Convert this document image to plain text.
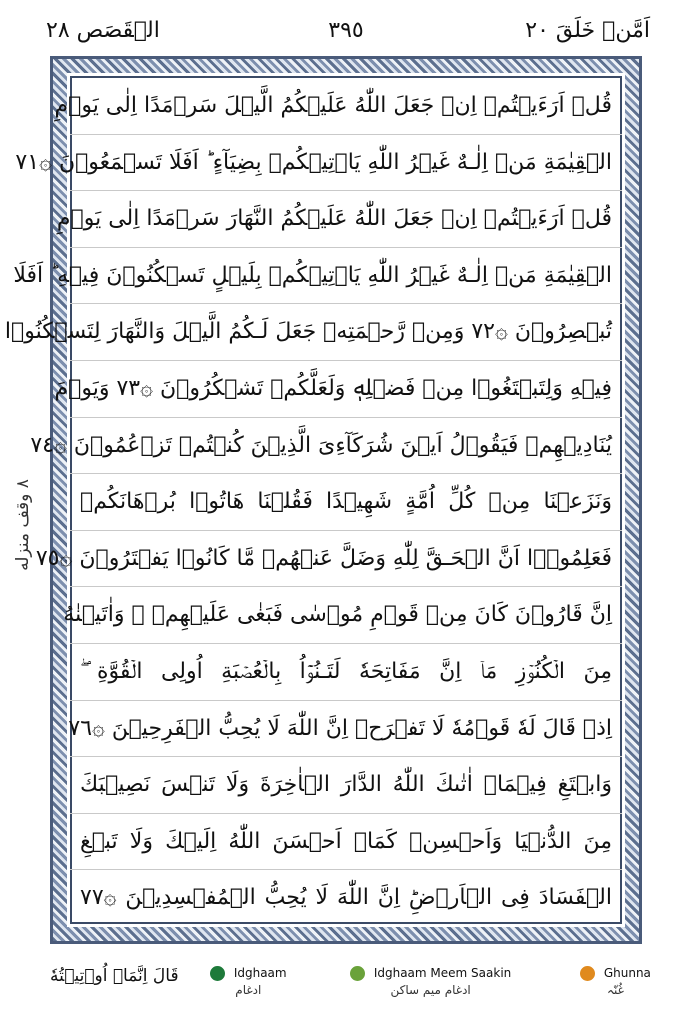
اَمَّنۡ خَلَقَ ٢٠
٣٩٥
الۡقَصَص ٢٨
٨ وقف منزله
قُلۡ اَرَءَيۡتُمۡ اِنۡ جَعَلَ اللّٰهُ عَلَيۡكُمُ الَّيۡلَ سَرۡمَدًا اِلٰى يَوۡمِ
الۡقِيٰمَةِ مَنۡ اِلٰـهٌ غَيۡرُ اللّٰهِ يَاۡتِيۡكُمۡ بِضِيَآءٍ‌ ؕ اَفَلَا تَسۡمَعُوۡنَ ۞٧١
قُلۡ اَرَءَيۡتُمۡ اِنۡ جَعَلَ اللّٰهُ عَلَيۡكُمُ النَّهَارَ سَرۡمَدًا اِلٰى يَوۡمِ
الۡقِيٰمَةِ مَنۡ اِلٰـهٌ غَيۡرُ اللّٰهِ يَاۡتِيۡكُمۡ بِلَيۡلٍ تَسۡكُنُوۡنَ فِيۡهِ‌ ؕ اَفَلَا
تُبۡصِرُوۡنَ ۞٧٢ وَمِنۡ رَّحۡمَتِهٖ جَعَلَ لَـكُمُ الَّيۡلَ وَالنَّهَارَ لِتَسۡكُنُوۡا
فِيۡهِ وَلِتَبۡتَغُوۡا مِنۡ فَضۡلِهٖ وَلَعَلَّكُمۡ تَشۡكُرُوۡنَ ۞٧٣ وَيَوۡمَ
يُنَادِيۡهِمۡ فَيَقُوۡلُ اَيۡنَ شُرَكَآءِىَ الَّذِيۡنَ كُنۡتُمۡ تَزۡعُمُوۡنَ ۞٧٤
وَنَزَعۡنَا مِنۡ كُلِّ اُمَّةٍ شَهِيۡدًا فَقُلۡنَا هَاتُوۡا بُرۡهَانَكُمۡ
فَعَلِمُوۡۤا اَنَّ الۡحَـقَّ لِلّٰهِ وَضَلَّ عَنۡهُمۡ مَّا كَانُوۡا يَفۡتَرُوۡنَ ۞٧٥
اِنَّ قَارُوۡنَ كَانَ مِنۡ قَوۡمِ مُوۡسٰى فَبَغٰى عَلَيۡهِمۡ‌ ۖ وَاٰتَيۡنٰهُ
مِنَ الۡكُنُوۡزِ مَاۤ اِنَّ مَفَاتِحَهٗ لَتَـنُوۡٓاُ بِالۡعُصۡبَةِ اُولِى الۡقُوَّةِ‌ ۖ
اِذۡ قَالَ لَهٗ قَوۡمُهٗ لَا تَفۡرَحۡ‌ اِنَّ اللّٰهَ لَا يُحِبُّ الۡفَرِحِيۡنَ ۞٧٦
وَابۡتَغِ فِيۡمَاۤ اٰتٰٮكَ اللّٰهُ الدَّارَ الۡاٰخِرَةَ‌ وَلَا تَنۡسَ نَصِيۡبَكَ
مِنَ الدُّنۡيَا‌ وَاَحۡسِنۡ كَمَاۤ اَحۡسَنَ اللّٰهُ اِلَيۡكَ‌ وَلَا تَبۡغِ
الۡفَسَادَ فِى الۡاَرۡضِ‌ؕ اِنَّ اللّٰهَ لَا يُحِبُّ الۡمُفۡسِدِيۡنَ ۞٧٧
قَالَ اِنَّمَاۤ اُوۡتِيۡتُهٗ	Idghaam
ادغام
Idghaam Meem Saakin
ادغام میم ساکن
Ghunna
غُنّہ
